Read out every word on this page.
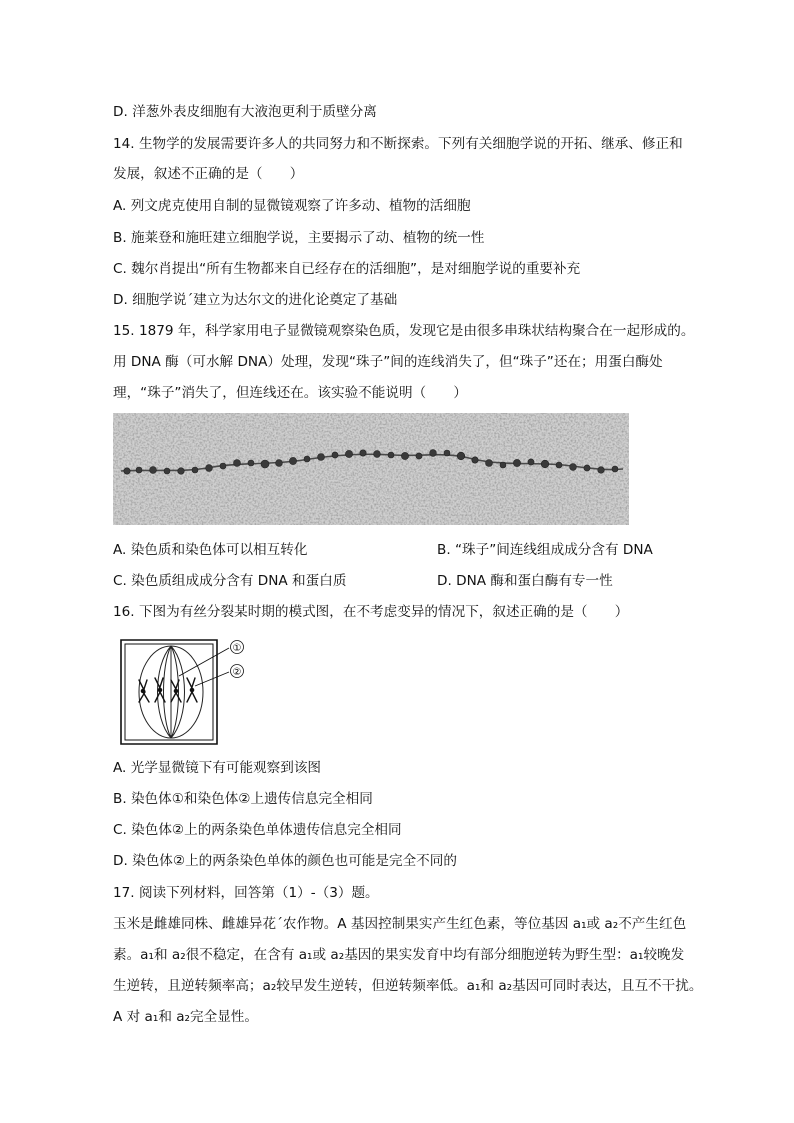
D. 洋葱外表皮细胞有大液泡更利于质壁分离
14. 生物学的发展需要许多人的共同努力和不断探索。下列有关细胞学说的开拓、继承、修正和
发展，叙述不正确的是（　　）
A. 列文虎克使用自制的显微镜观察了许多动、植物的活细胞
B. 施莱登和施旺建立细胞学说，主要揭示了动、植物的统一性
C. 魏尔肖提出“所有生物都来自已经存在的活细胞”，是对细胞学说的重要补充
D. 细胞学说ˊ建立为达尔文的进化论奠定了基础
15. 1879 年，科学家用电子显微镜观察染色质，发现它是由很多串珠状结构聚合在一起形成的。
用 DNA 酶（可水解 DNA）处理，发现“珠子”间的连线消失了，但“珠子”还在；用蛋白酶处
理，“珠子”消失了，但连线还在。该实验不能说明（　　）
A. 染色质和染色体可以相互转化	B. “珠子”间连线组成成分含有 DNA
C. 染色质组成成分含有 DNA 和蛋白质	D. DNA 酶和蛋白酶有专一性
16. 下图为有丝分裂某时期的模式图，在不考虑变异的情况下，叙述正确的是（　　）
①
②
A. 光学显微镜下有可能观察到该图
B. 染色体①和染色体②上遗传信息完全相同
C. 染色体②上的两条染色单体遗传信息完全相同
D. 染色体②上的两条染色单体的颜色也可能是完全不同的
17. 阅读下列材料，回答第（1）-（3）题。
玉米是雌雄同株、雌雄异花ˊ农作物。A 基因控制果实产生红色素，等位基因 a₁或 a₂不产生红色
素。a₁和 a₂很不稳定，在含有 a₁或 a₂基因的果实发育中均有部分细胞逆转为野生型：a₁较晚发
生逆转，且逆转频率高；a₂较早发生逆转，但逆转频率低。a₁和 a₂基因可同时表达，且互不干扰。
A 对 a₁和 a₂完全显性。
